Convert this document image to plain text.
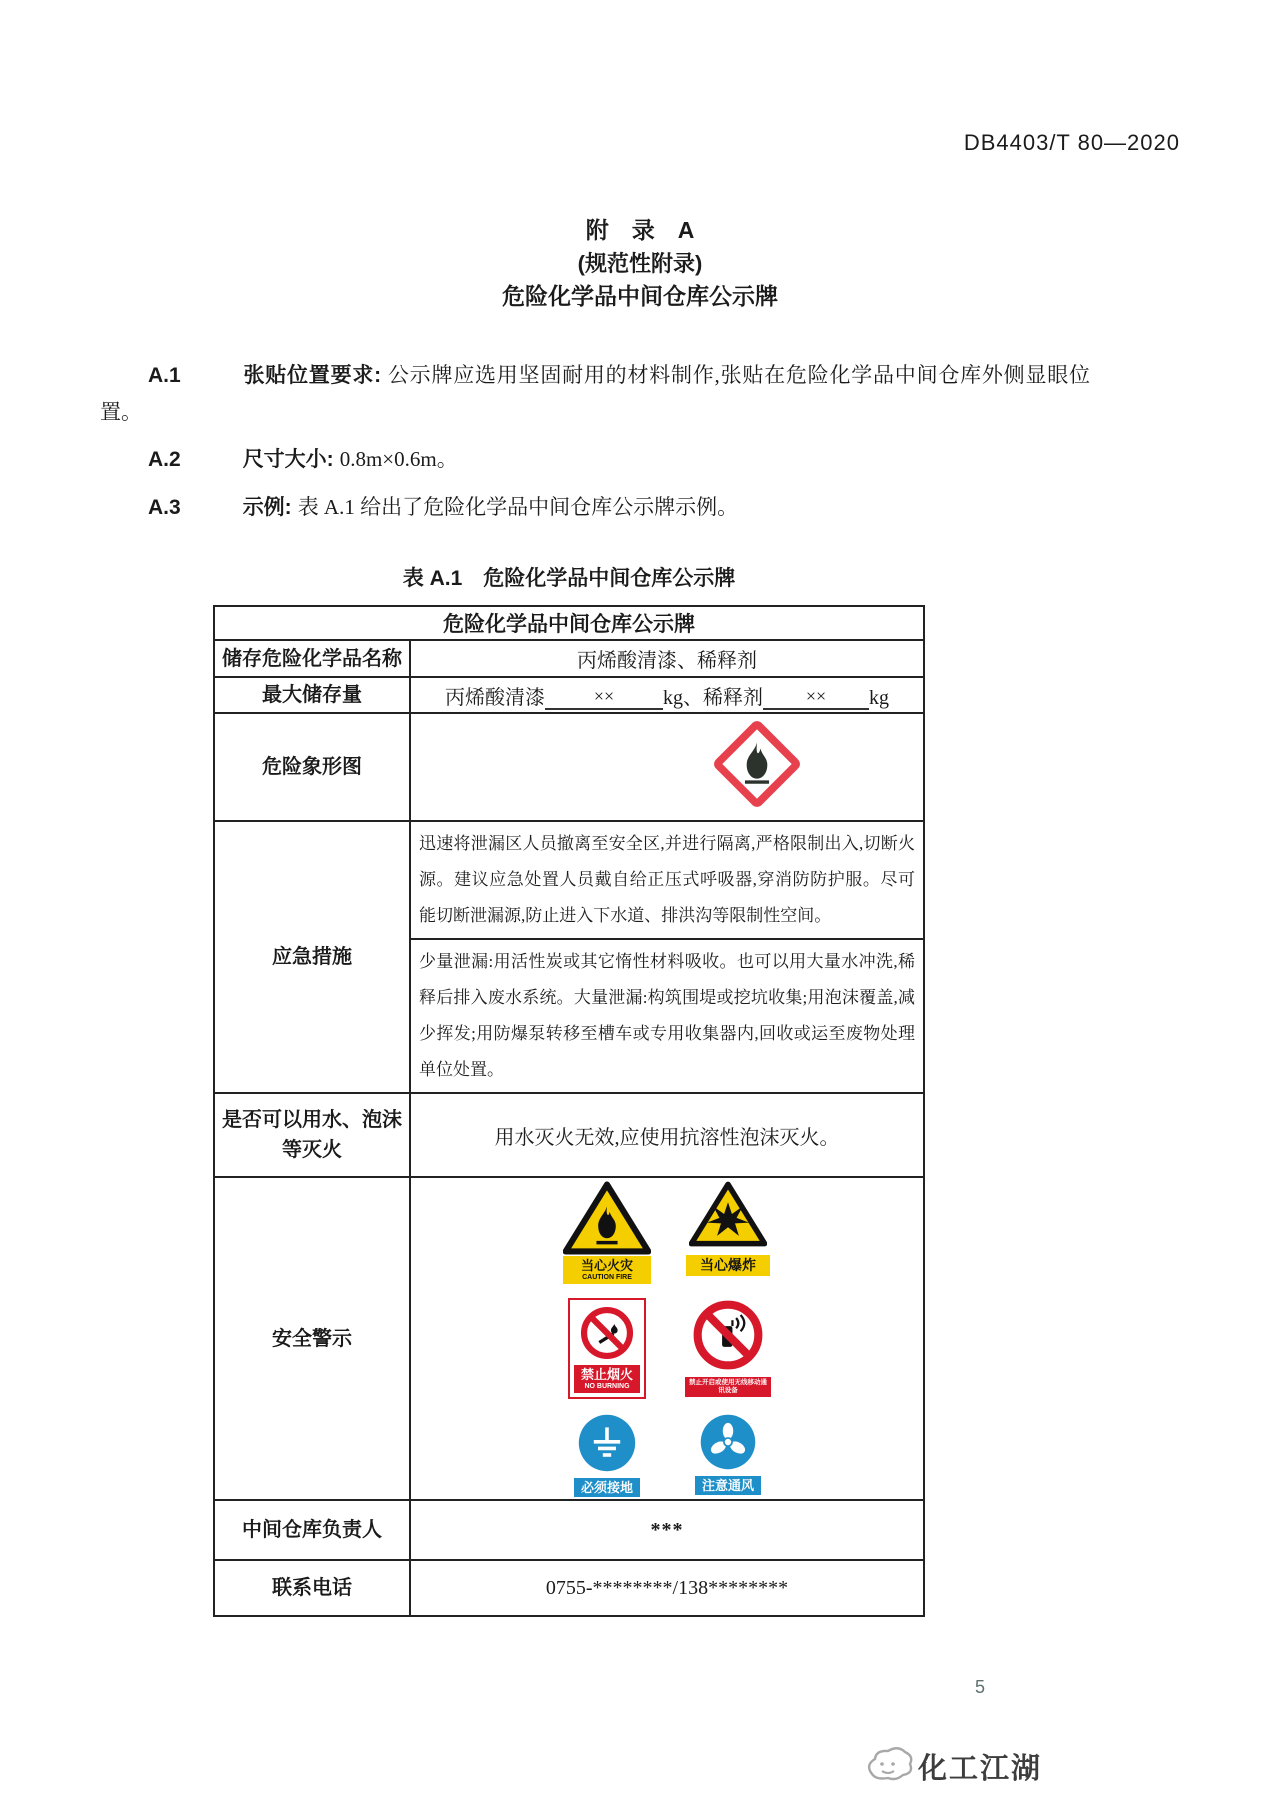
DB4403/T 80—2020
附　录　A
(规范性附录)
危险化学品中间仓库公示牌

A.1	张贴位置要求: 公示牌应选用坚固耐用的材料制作,张贴在危险化学品中间仓库外侧显眼位置。

A.2	尺寸大小: 0.8m×0.6m。

A.3	示例: 表 A.1 给出了危险化学品中间仓库公示牌示例。

表 A.1　危险化学品中间仓库公示牌
危险化学品中间仓库公示牌	
储存危险化学品名称	丙烯酸清漆、稀释剂
最大储存量	丙烯酸清漆 ×× kg、稀释剂 ×× kg
危险象形图	
应急措施	迅速将泄漏区人员撤离至安全区,并进行隔离,严格限制出入,切断火源。建议应急处置人员戴自给正压式呼吸器,穿消防防护服。尽可能切断泄漏源,防止进入下水道、排洪沟等限制性空间。
	少量泄漏:用活性炭或其它惰性材料吸收。也可以用大量水冲洗,稀释后排入废水系统。大量泄漏:构筑围堤或挖坑收集;用泡沫覆盖,减少挥发;用防爆泵转移至槽车或专用收集器内,回收或运至废物处理单位处置。
是否可以用水、泡沫等灭火	用水灭火无效,应使用抗溶性泡沫灭火。
安全警示	
当心火灾
CAUTION FIRE
当心爆炸
禁止烟火
NO BURNING
禁止开启或使用无线移动通讯设备
必须接地	注意通风

中间仓库负责人	***
联系电话	0755-********/138********
5
化工江湖
